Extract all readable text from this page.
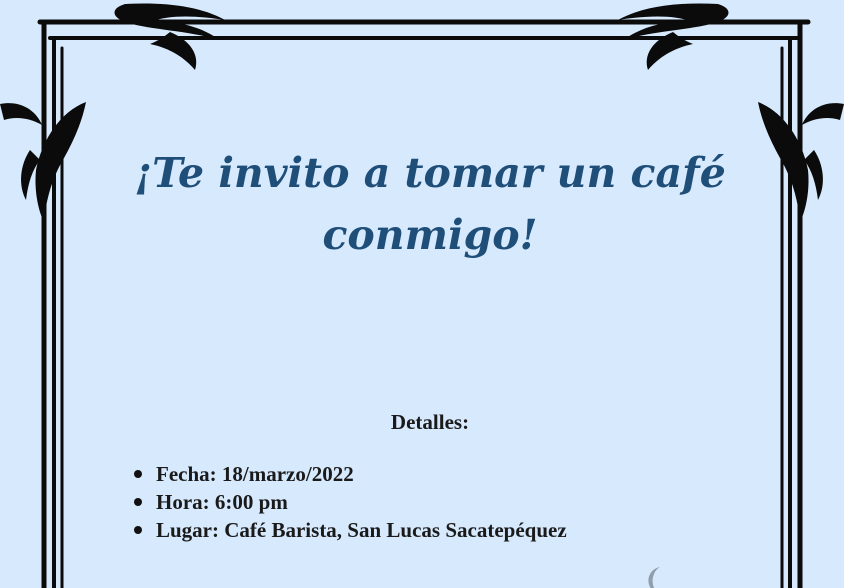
¡Te invito a tomar un café conmigo!
Detalles:
Fecha: 18/marzo/2022
Hora: 6:00 pm
Lugar: Café Barista, San Lucas Sacatepéquez
